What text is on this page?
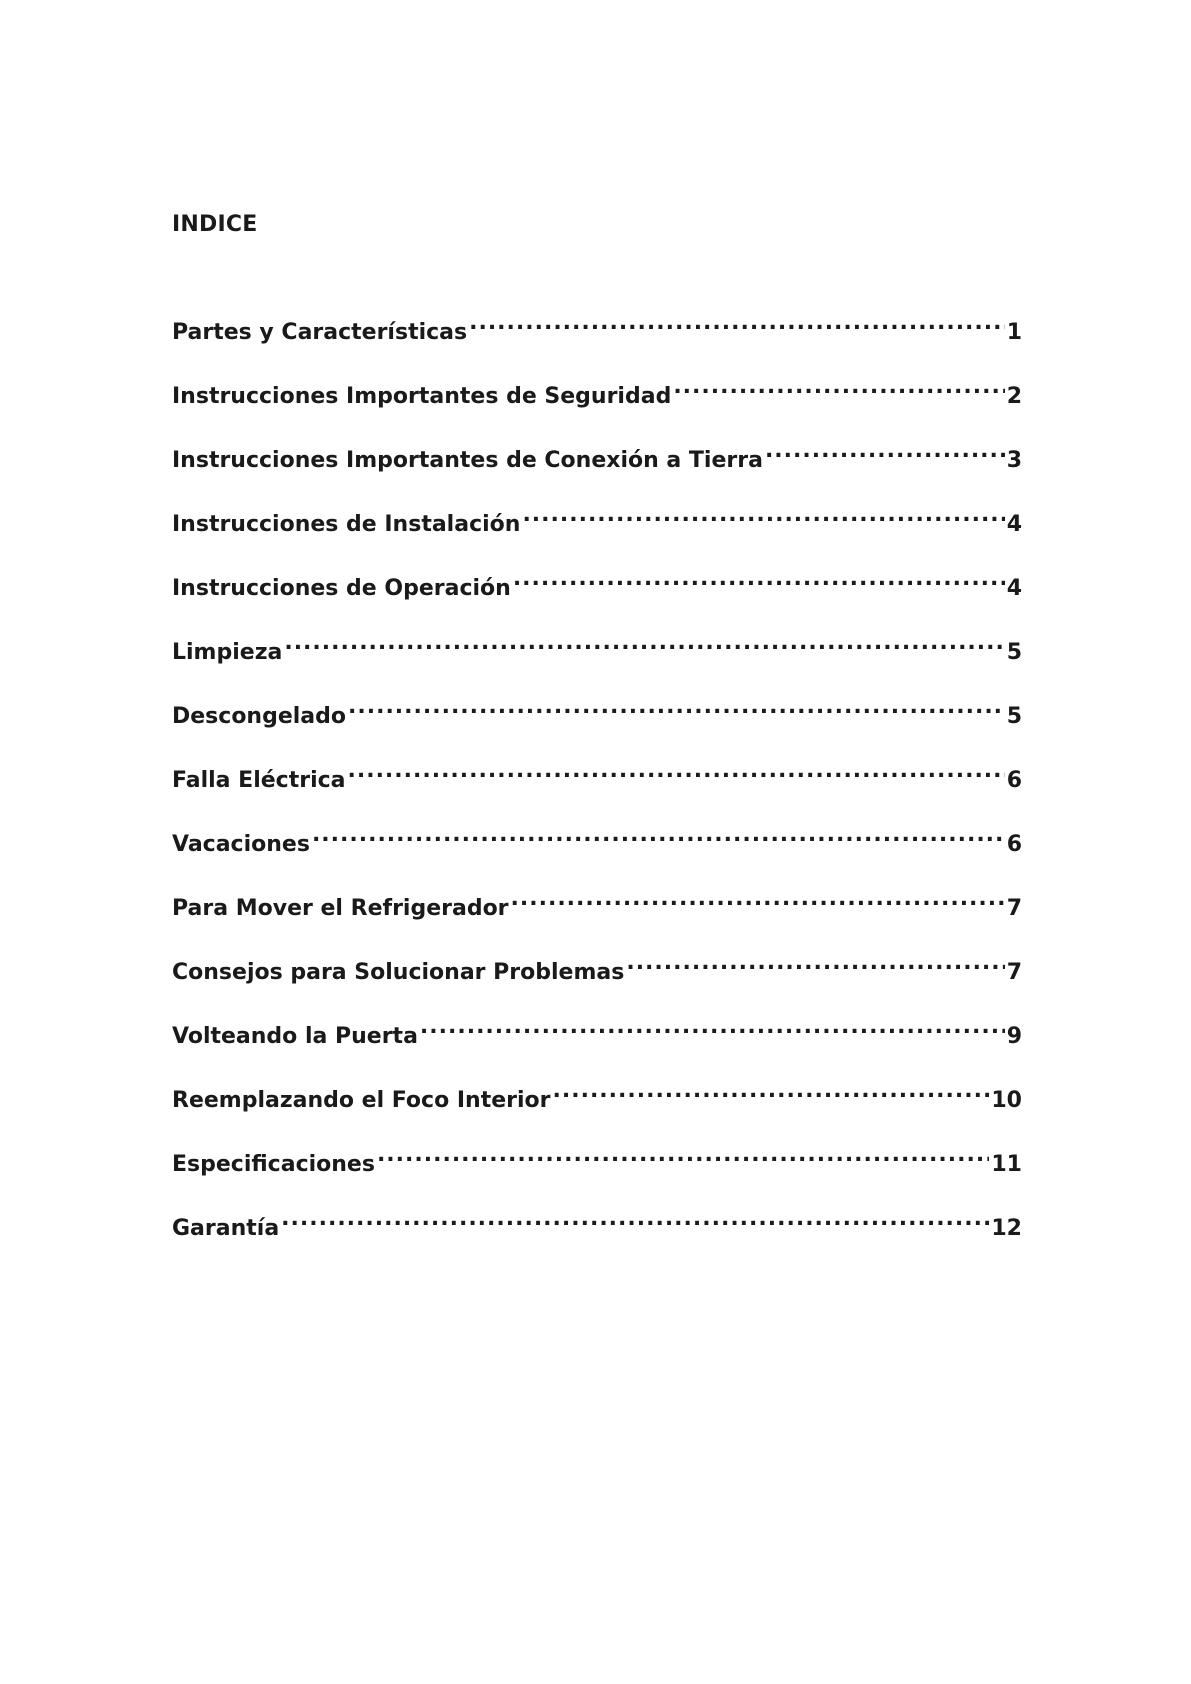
INDICE
Partes y Características .....	1
Instrucciones Importantes de Seguridad .....	2
Instrucciones Importantes de Conexión a Tierra .....	3
Instrucciones de Instalación .....	4
Instrucciones de Operación .....	4
Limpieza .....	5
Descongelado .....	5
Falla Eléctrica .....	6
Vacaciones .....	6
Para Mover el Refrigerador .....	7
Consejos para Solucionar Problemas .....	7
Volteando la Puerta .....	9
Reemplazando el Foco Interior .....	10
Especificaciones .....	11
Garantía .....	12
